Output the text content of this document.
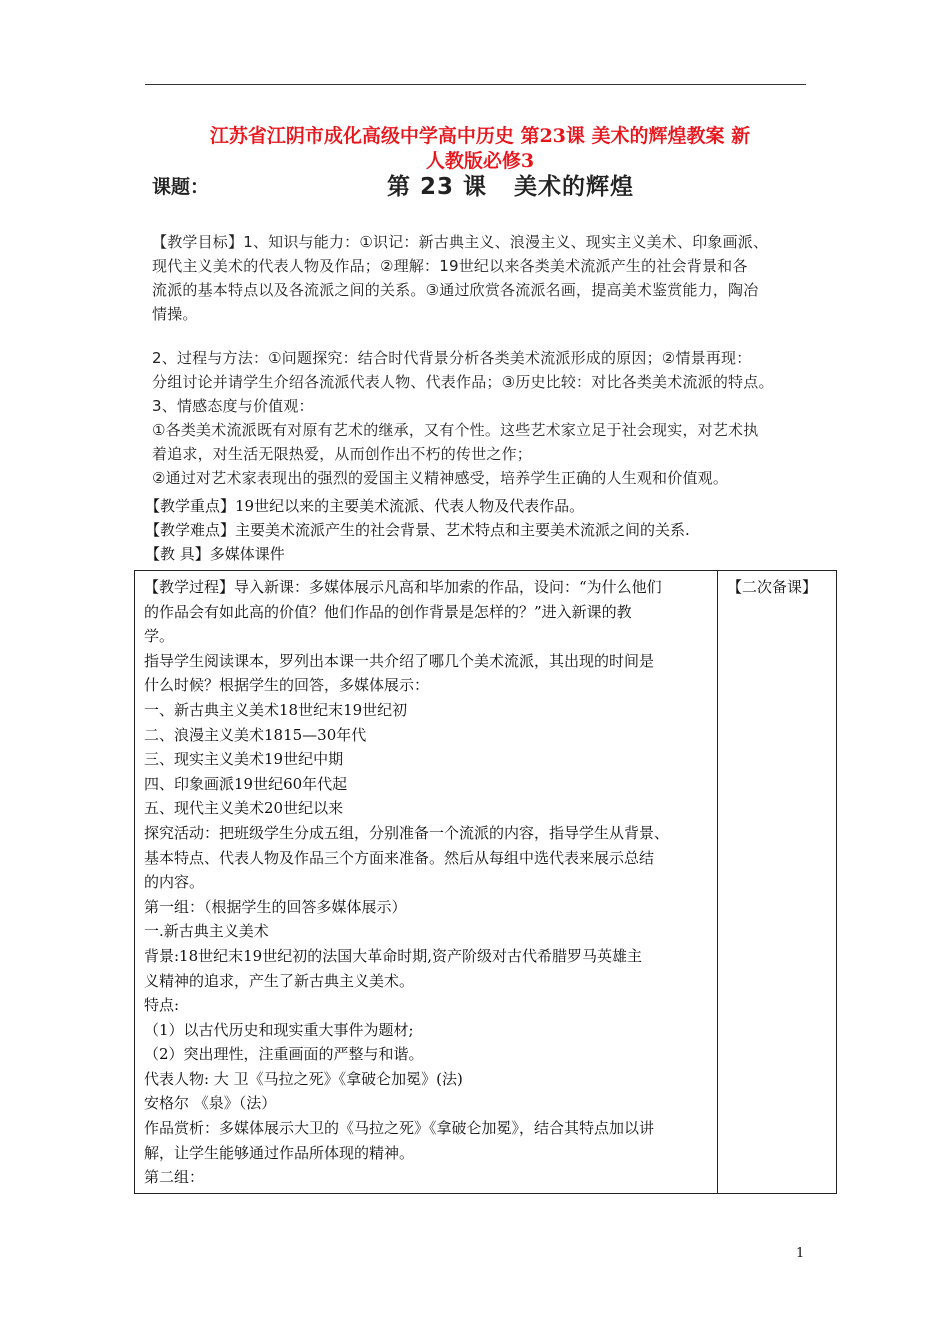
江苏省江阴市成化高级中学高中历史 第23课 美术的辉煌教案 新
人教版必修3
课题：	第 23 课   美术的辉煌
【教学目标】1、知识与能力：①识记：新古典主义、浪漫主义、现实主义美术、印象画派、
现代主义美术的代表人物及作品；②理解：19世纪以来各类美术流派产生的社会背景和各
流派的基本特点以及各流派之间的关系。③通过欣赏各流派名画，提高美术鉴赏能力，陶冶
情操。
2、过程与方法：①问题探究：结合时代背景分析各类美术流派形成的原因；②情景再现：
分组讨论并请学生介绍各流派代表人物、代表作品；③历史比较：对比各类美术流派的特点。
3、情感态度与价值观：
①各类美术流派既有对原有艺术的继承，又有个性。这些艺术家立足于社会现实，对艺术执
着追求，对生活无限热爱，从而创作出不朽的传世之作；
②通过对艺术家表现出的强烈的爱国主义精神感受，培养学生正确的人生观和价值观。
【教学重点】19世纪以来的主要美术流派、代表人物及代表作品。
【教学难点】主要美术流派产生的社会背景、艺术特点和主要美术流派之间的关系.
【教 具】多媒体课件

【教学过程】导入新课：多媒体展示凡高和毕加索的作品，设问：“为什么他们

的作品会有如此高的价值？他们作品的创作背景是怎样的？”进入新课的教

学。

指导学生阅读课本，罗列出本课一共介绍了哪几个美术流派，其出现的时间是

什么时候？根据学生的回答，多媒体展示：

一、新古典主义美术18世纪末19世纪初

二、浪漫主义美术1815—30年代

三、现实主义美术19世纪中期

四、印象画派19世纪60年代起

五、现代主义美术20世纪以来

探究活动：把班级学生分成五组，分别准备一个流派的内容，指导学生从背景、

基本特点、代表人物及作品三个方面来准备。然后从每组中选代表来展示总结

的内容。

第一组：（根据学生的回答多媒体展示）

一.新古典主义美术

背景:18世纪末19世纪初的法国大革命时期,资产阶级对古代希腊罗马英雄主

义精神的追求，产生了新古典主义美术。

特点:

（1）以古代历史和现实重大事件为题材;

（2）突出理性，注重画面的严整与和谐。

代表人物: 大 卫《马拉之死》《拿破仑加冕》(法)

安格尔 《泉》（法）

作品赏析：多媒体展示大卫的《马拉之死》《拿破仑加冕》，结合其特点加以讲

解，让学生能够通过作品所体现的精神。

第二组：

【二次备课】
1
